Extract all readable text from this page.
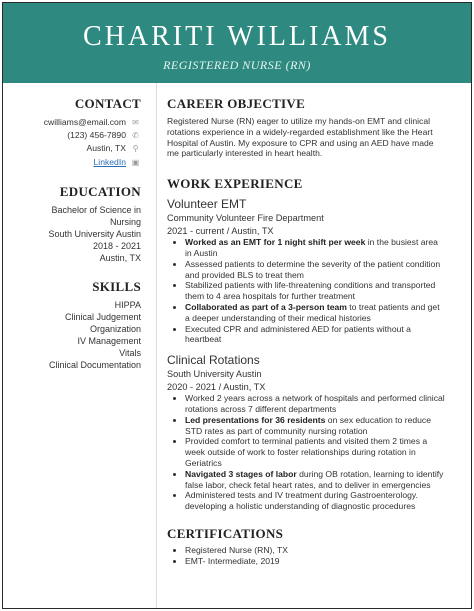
CHARITI WILLIAMS
REGISTERED NURSE (RN)
CONTACT
cwilliams@email.com ✉
(123) 456-7890 ✆
Austin, TX ⚲
LinkedIn ▣
EDUCATION
Bachelor of Science in
Nursing
South University Austin
2018 - 2021
Austin, TX
SKILLS
HIPPA
Clinical Judgement
Organization
IV Management
Vitals
Clinical Documentation
CAREER OBJECTIVE

Registered Nurse (RN) eager to utilize my hands-on EMT and clinical rotations experience in a widely-regarded establishment like the Heart Hospital of Austin. My exposure to CPR and using an AED have made me particularly interested in heart health.

WORK EXPERIENCE
Volunteer EMT
Community Volunteer Fire Department
2021 - current / Austin, TX
• Worked as an EMT for 1 night shift per week in the busiest area in Austin
• Assessed patients to determine the severity of the patient condition and provided BLS to treat them
• Stabilized patients with life-threatening conditions and transported them to 4 area hospitals for further treatment
• Collaborated as part of a 3-person team to treat patients and get a deeper understanding of their medical histories
• Executed CPR and administered AED for patients without a heartbeat
Clinical Rotations
South University Austin
2020 - 2021 / Austin, TX
• Worked 2 years across a network of hospitals and performed clinical rotations across 7 different departments
• Led presentations for 36 residents on sex education to reduce STD rates as part of community nursing rotation
• Provided comfort to terminal patients and visited them 2 times a week outside of work to foster relationships during rotation in Geriatrics
• Navigated 3 stages of labor during OB rotation, learning to identify false labor, check fetal heart rates, and to deliver in emergencies
• Administered tests and IV treatment during Gastroenterology. developing a holistic understanding of diagnostic procedures
CERTIFICATIONS
• Registered Nurse (RN), TX
• EMT- Intermediate, 2019
